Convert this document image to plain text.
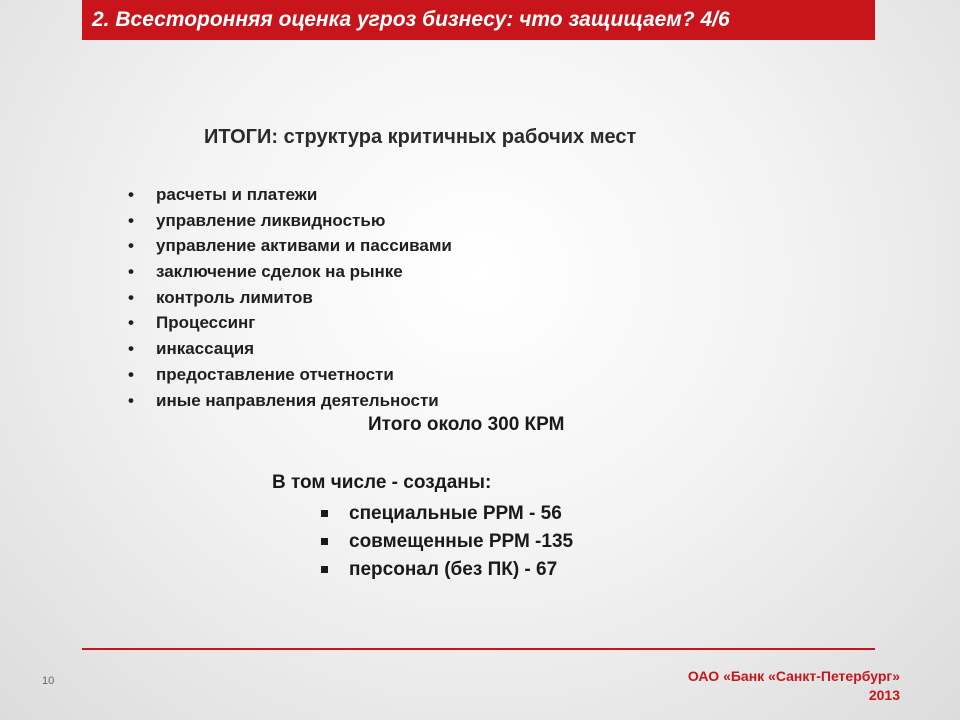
2. Всесторонняя оценка угроз бизнесу: что защищаем? 4/6
ИТОГИ: структура критичных рабочих мест
• расчеты и платежи
• управление ликвидностью
• управление активами и пассивами
• заключение сделок на рынке
• контроль лимитов
• Процессинг
• инкассация
• предоставление отчетности
• иные направления деятельности
Итого около 300 КРМ
В том числе - созданы:
специальные РРМ - 56
совмещенные РРМ -135
персонал (без ПК) - 67
10	ОАО «Банк «Санкт-Петербург»
2013
